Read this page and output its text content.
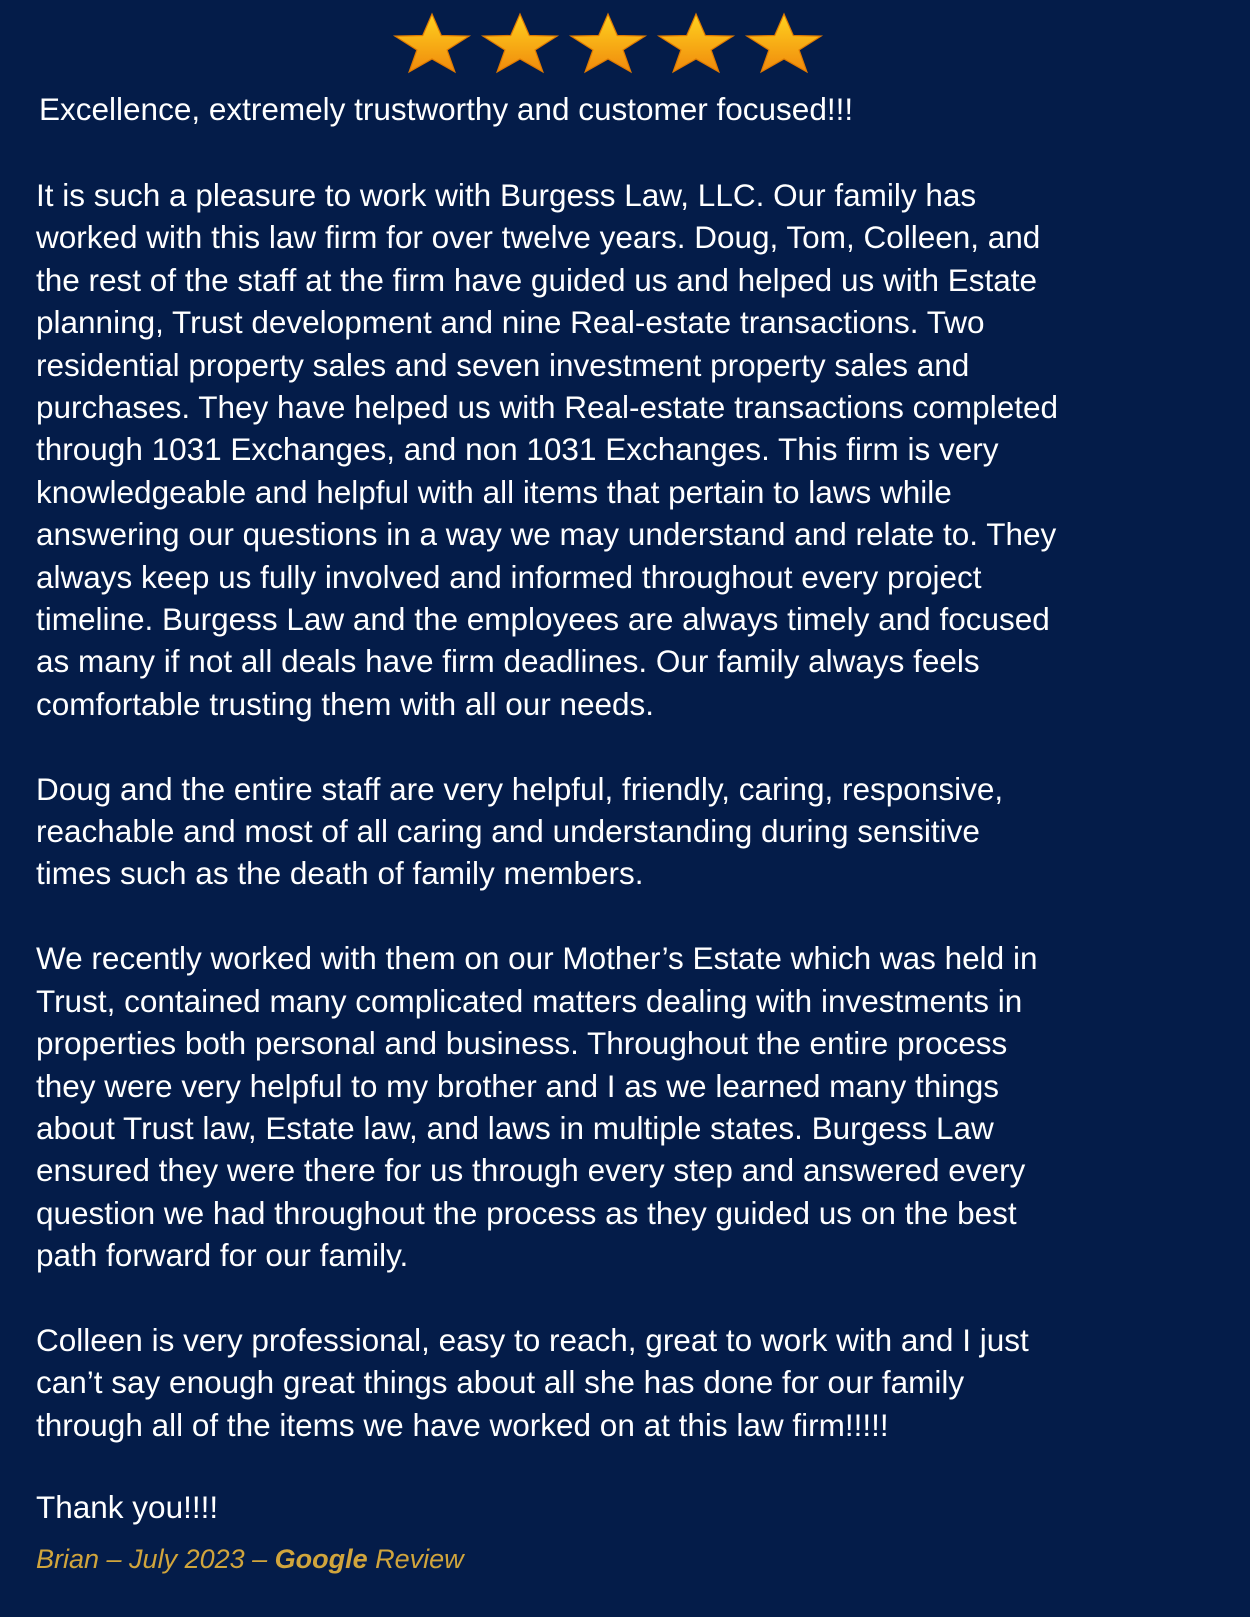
Excellence, extremely trustworthy and customer focused!!!

It is such a pleasure to work with Burgess Law, LLC. Our family has
worked with this law firm for over twelve years. Doug, Tom, Colleen, and
the rest of the staff at the firm have guided us and helped us with Estate
planning, Trust development and nine Real-estate transactions. Two
residential property sales and seven investment property sales and
purchases. They have helped us with Real-estate transactions completed
through 1031 Exchanges, and non 1031 Exchanges. This firm is very
knowledgeable and helpful with all items that pertain to laws while
answering our questions in a way we may understand and relate to. They
always keep us fully involved and informed throughout every project
timeline. Burgess Law and the employees are always timely and focused
as many if not all deals have firm deadlines. Our family always feels
comfortable trusting them with all our needs.

Doug and the entire staff are very helpful, friendly, caring, responsive,
reachable and most of all caring and understanding during sensitive
times such as the death of family members.

We recently worked with them on our Mother’s Estate which was held in
Trust, contained many complicated matters dealing with investments in
properties both personal and business. Throughout the entire process
they were very helpful to my brother and I as we learned many things
about Trust law, Estate law, and laws in multiple states. Burgess Law
ensured they were there for us through every step and answered every
question we had throughout the process as they guided us on the best
path forward for our family.

Colleen is very professional, easy to reach, great to work with and I just
can’t say enough great things about all she has done for our family
through all of the items we have worked on at this law firm!!!!!

Thank you!!!!

Brian – July 2023 – Google Review
